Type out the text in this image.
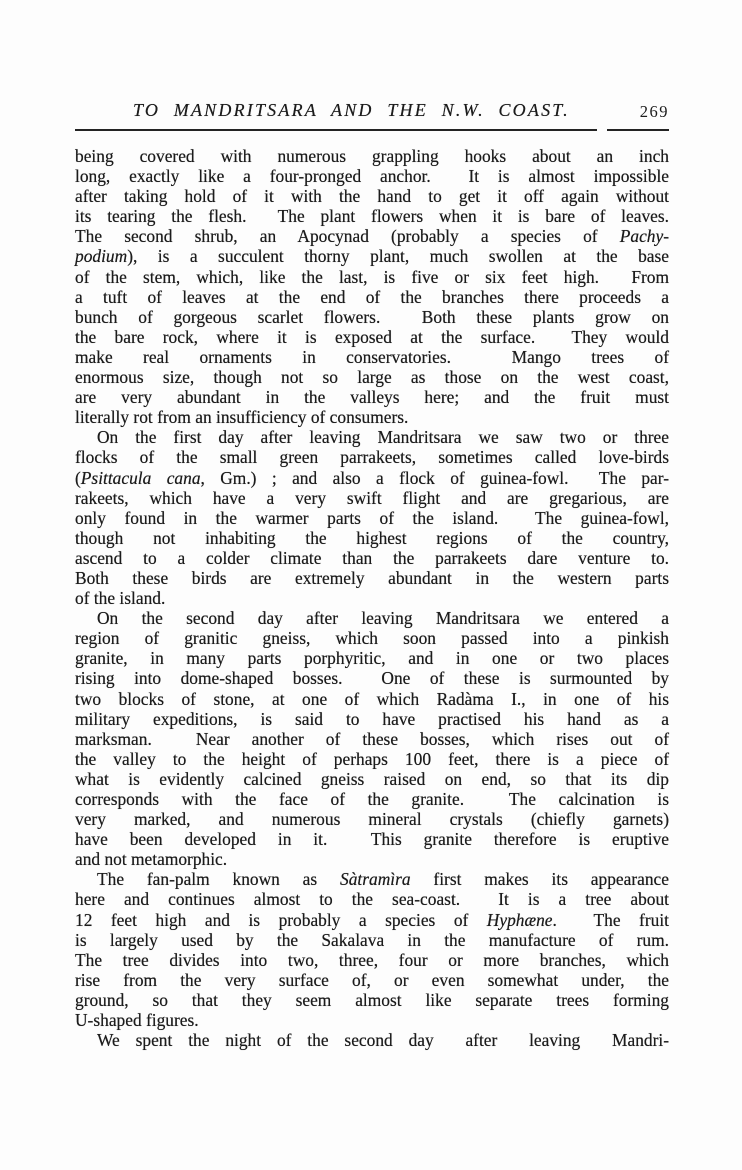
TO MANDRITSARA AND THE N.W. COAST.	269
being covered with numerous grappling hooks about an inch
long, exactly like a four-pronged anchor.  It is almost impossible
after taking hold of it with the hand to get it off again without
its tearing the flesh.  The plant flowers when it is bare of leaves.
The second shrub, an Apocynad (probably a species of Pachy-
podium), is a succulent thorny plant, much swollen at the base
of the stem, which, like the last, is five or six feet high.  From
a tuft of leaves at the end of the branches there proceeds a
bunch of gorgeous scarlet flowers.  Both these plants grow on
the bare rock, where it is exposed at the surface.  They would
make real ornaments in conservatories.  Mango trees of
enormous size, though not so large as those on the west coast,
are very abundant in the valleys here; and the fruit must
literally rot from an insufficiency of consumers.
On the first day after leaving Mandritsara we saw two or three
flocks of the small green parrakeets, sometimes called love-birds
(Psittacula cana, Gm.) ; and also a flock of guinea-fowl.  The par-
rakeets, which have a very swift flight and are gregarious, are
only found in the warmer parts of the island.  The guinea-fowl,
though not inhabiting the highest regions of the country,
ascend to a colder climate than the parrakeets dare venture to.
Both these birds are extremely abundant in the western parts
of the island.
On the second day after leaving Mandritsara we entered a
region of granitic gneiss, which soon passed into a pinkish
granite, in many parts porphyritic, and in one or two places
rising into dome-shaped bosses.  One of these is surmounted by
two blocks of stone, at one of which Radàma I., in one of his
military expeditions, is said to have practised his hand as a
marksman.  Near another of these bosses, which rises out of
the valley to the height of perhaps 100 feet, there is a piece of
what is evidently calcined gneiss raised on end, so that its dip
corresponds with the face of the granite.  The calcination is
very marked, and numerous mineral crystals (chiefly garnets)
have been developed in it.  This granite therefore is eruptive
and not metamorphic.
The fan-palm known as Sàtramìra first makes its appearance
here and continues almost to the sea-coast.  It is a tree about
12 feet high and is probably a species of Hyphæne.  The fruit
is largely used by the Sakalava in the manufacture of rum.
The tree divides into two, three, four or more branches, which
rise from the very surface of, or even somewhat under, the
ground, so that they seem almost like separate trees forming
U-shaped figures.
We spent the night of the second day  after  leaving  Mandri-
